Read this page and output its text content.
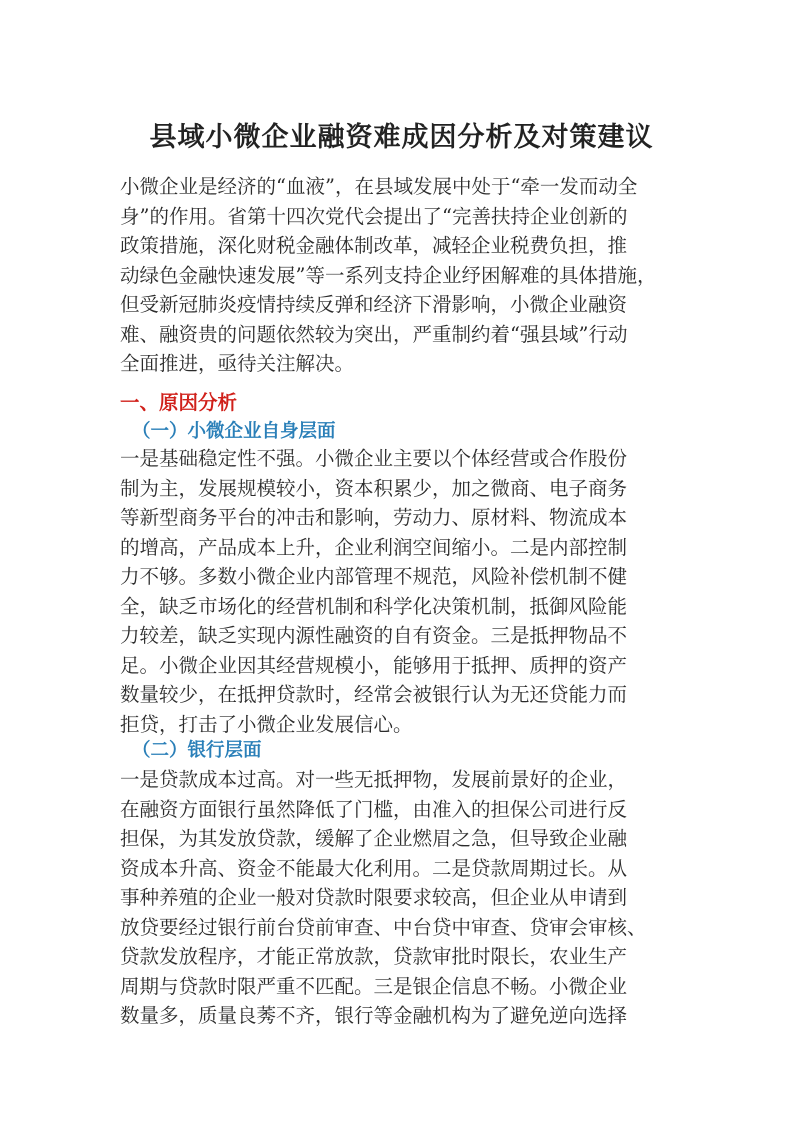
县域小微企业融资难成因分析及对策建议
小微企业是经济的“血液”，在县域发展中处于“牵一发而动全
身”的作用。省第十四次党代会提出了“完善扶持企业创新的
政策措施，深化财税金融体制改革，减轻企业税费负担，推
动绿色金融快速发展”等一系列支持企业纾困解难的具体措施，
但受新冠肺炎疫情持续反弹和经济下滑影响，小微企业融资
难、融资贵的问题依然较为突出，严重制约着“强县域”行动
全面推进，亟待关注解决。
一、原因分析
（一）小微企业自身层面
一是基础稳定性不强。小微企业主要以个体经营或合作股份
制为主，发展规模较小，资本积累少，加之微商、电子商务
等新型商务平台的冲击和影响，劳动力、原材料、物流成本
的增高，产品成本上升，企业利润空间缩小。二是内部控制
力不够。多数小微企业内部管理不规范，风险补偿机制不健
全，缺乏市场化的经营机制和科学化决策机制，抵御风险能
力较差，缺乏实现内源性融资的自有资金。三是抵押物品不
足。小微企业因其经营规模小，能够用于抵押、质押的资产
数量较少，在抵押贷款时，经常会被银行认为无还贷能力而
拒贷，打击了小微企业发展信心。
（二）银行层面
一是贷款成本过高。对一些无抵押物，发展前景好的企业，
在融资方面银行虽然降低了门槛，由准入的担保公司进行反
担保，为其发放贷款，缓解了企业燃眉之急，但导致企业融
资成本升高、资金不能最大化利用。二是贷款周期过长。从
事种养殖的企业一般对贷款时限要求较高，但企业从申请到
放贷要经过银行前台贷前审查、中台贷中审查、贷审会审核、
贷款发放程序，才能正常放款，贷款审批时限长，农业生产
周期与贷款时限严重不匹配。三是银企信息不畅。小微企业
数量多，质量良莠不齐，银行等金融机构为了避免逆向选择
